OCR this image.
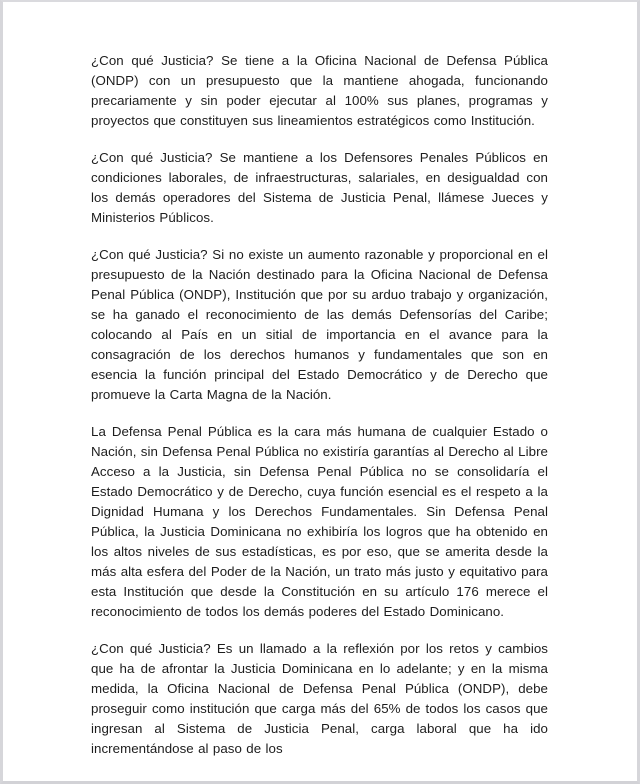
¿Con qué Justicia? Se tiene a la Oficina Nacional de Defensa Pública (ONDP) con un presupuesto que la mantiene ahogada, funcionando precariamente y sin poder ejecutar al 100% sus planes, programas y proyectos que constituyen sus lineamientos estratégicos como Institución.

¿Con qué Justicia? Se mantiene a los Defensores Penales Públicos en condiciones laborales, de infraestructuras, salariales, en desigualdad con los demás operadores del Sistema de Justicia Penal, llámese Jueces y Ministerios Públicos.

¿Con qué Justicia? Si no existe un aumento razonable y proporcional en el presupuesto de la Nación destinado para la Oficina Nacional de Defensa Penal Pública (ONDP), Institución que por su arduo trabajo y organización, se ha ganado el reconocimiento de las demás Defensorías del Caribe; colocando al País en un sitial de importancia en el avance para la consagración de los derechos humanos y fundamentales que son en esencia la función principal del Estado Democrático y de Derecho que promueve la Carta Magna de la Nación.

La Defensa Penal Pública es la cara más humana de cualquier Estado o Nación, sin Defensa Penal Pública no existiría garantías al Derecho al Libre Acceso a la Justicia, sin Defensa Penal Pública no se consolidaría el Estado Democrático y de Derecho, cuya función esencial es el respeto a la Dignidad Humana y los Derechos Fundamentales. Sin Defensa Penal Pública, la Justicia Dominicana no exhibiría los logros que ha obtenido en los altos niveles de sus estadísticas, es por eso, que se amerita desde la más alta esfera del Poder de la Nación, un trato más justo y equitativo para esta Institución que desde la Constitución en su artículo 176 merece el reconocimiento de todos los demás poderes del Estado Dominicano.

¿Con qué Justicia? Es un llamado a la reflexión por los retos y cambios que ha de afrontar la Justicia Dominicana en lo adelante; y en la misma medida, la Oficina Nacional de Defensa Penal Pública (ONDP), debe proseguir como institución que carga más del 65% de todos los casos que ingresan al Sistema de Justicia Penal, carga laboral que ha ido incrementándose al paso de los
